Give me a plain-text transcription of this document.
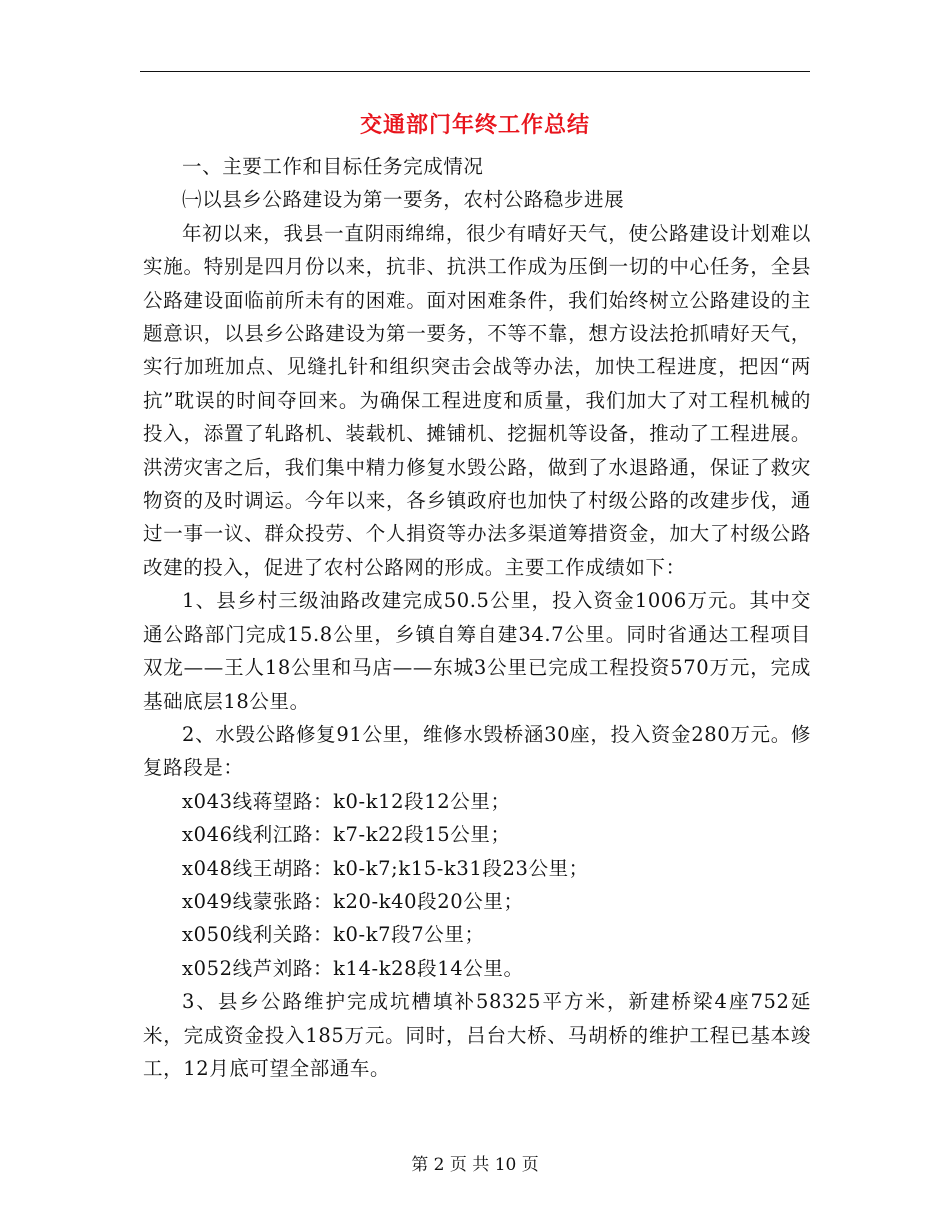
交通部门年终工作总结

一、主要工作和目标任务完成情况

㈠以县乡公路建设为第一要务，农村公路稳步进展

年初以来，我县一直阴雨绵绵，很少有晴好天气，使公路建设计划难以实施。特别是四月份以来，抗非、抗洪工作成为压倒一切的中心任务，全县公路建设面临前所未有的困难。面对困难条件，我们始终树立公路建设的主题意识，以县乡公路建设为第一要务，不等不靠，想方设法抢抓晴好天气，实行加班加点、见缝扎针和组织突击会战等办法，加快工程进度，把因“两抗”耽误的时间夺回来。为确保工程进度和质量，我们加大了对工程机械的投入，添置了轧路机、装载机、摊铺机、挖掘机等设备，推动了工程进展。洪涝灾害之后，我们集中精力修复水毁公路，做到了水退路通，保证了救灾物资的及时调运。今年以来，各乡镇政府也加快了村级公路的改建步伐，通过一事一议、群众投劳、个人捐资等办法多渠道筹措资金，加大了村级公路改建的投入，促进了农村公路网的形成。主要工作成绩如下：

1、县乡村三级油路改建完成50.5公里，投入资金1006万元。其中交通公路部门完成15.8公里，乡镇自筹自建34.7公里。同时省通达工程项目双龙——王人18公里和马店——东城3公里已完成工程投资570万元，完成基础底层18公里。

2、水毁公路修复91公里，维修水毁桥涵30座，投入资金280万元。修复路段是：

x043线蒋望路：k0-k12段12公里；

x046线利江路：k7-k22段15公里；

x048线王胡路：k0-k7;k15-k31段23公里；

x049线蒙张路：k20-k40段20公里；

x050线利关路：k0-k7段7公里；

x052线芦刘路：k14-k28段14公里。

3、县乡公路维护完成坑槽填补58325平方米，新建桥梁4座752延米，完成资金投入185万元。同时，吕台大桥、马胡桥的维护工程已基本竣工，12月底可望全部通车。

第 2 页 共 10 页
